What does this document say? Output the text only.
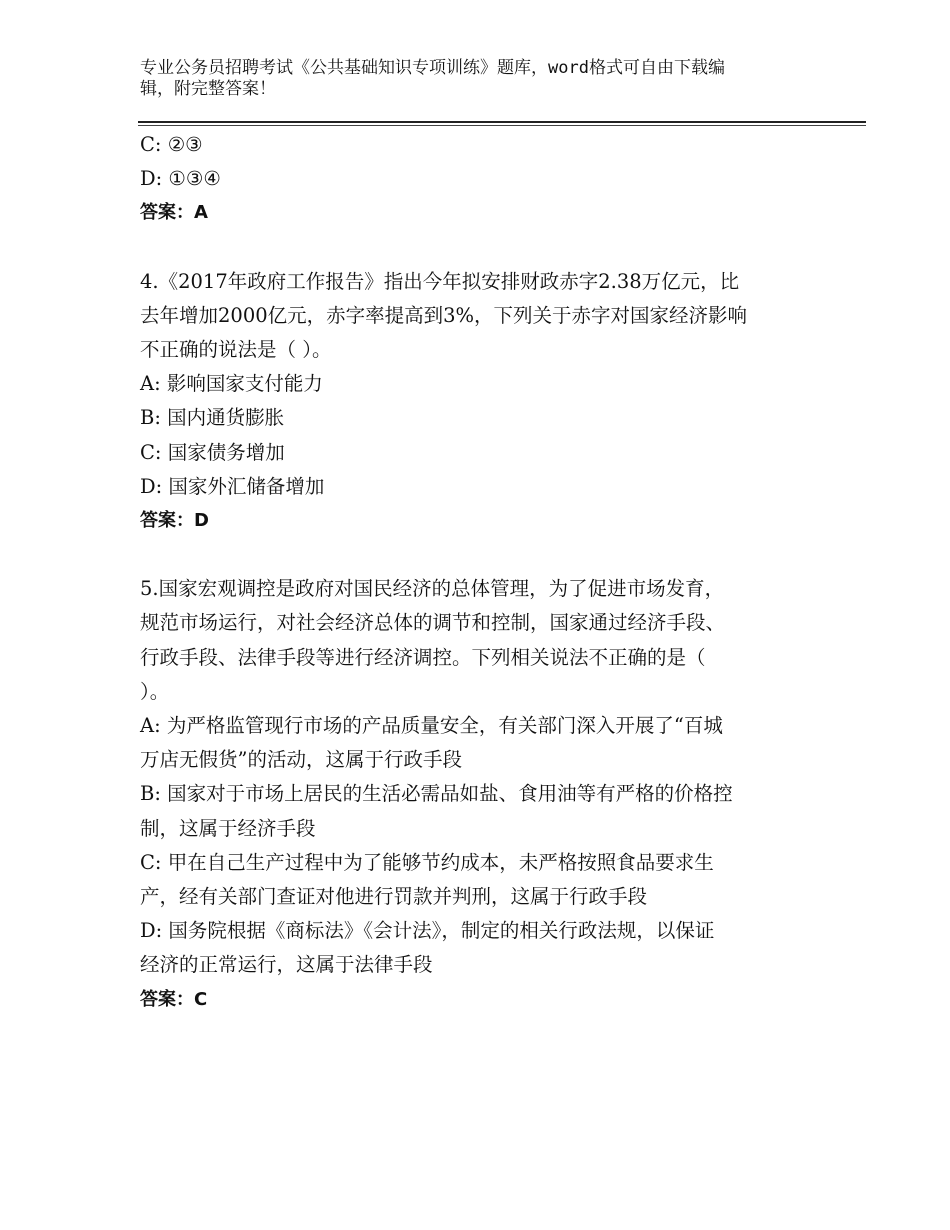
专业公务员招聘考试《公共基础知识专项训练》题库，word格式可自由下载编
辑，附完整答案！
C: ②③
D: ①③④
答案：A
4.《2017年政府工作报告》指出今年拟安排财政赤字2.38万亿元，比
去年增加2000亿元，赤字率提高到3%，下列关于赤字对国家经济影响
不正确的说法是（ ）。
A: 影响国家支付能力
B: 国内通货膨胀
C: 国家债务增加
D: 国家外汇储备增加
答案：D
5.国家宏观调控是政府对国民经济的总体管理，为了促进市场发育，
规范市场运行，对社会经济总体的调节和控制，国家通过经济手段、
行政手段、法律手段等进行经济调控。下列相关说法不正确的是（
）。
A: 为严格监管现行市场的产品质量安全，有关部门深入开展了“百城
万店无假货”的活动，这属于行政手段
B: 国家对于市场上居民的生活必需品如盐、食用油等有严格的价格控
制，这属于经济手段
C: 甲在自己生产过程中为了能够节约成本，未严格按照食品要求生
产，经有关部门查证对他进行罚款并判刑，这属于行政手段
D: 国务院根据《商标法》《会计法》，制定的相关行政法规，以保证
经济的正常运行，这属于法律手段
答案：C
